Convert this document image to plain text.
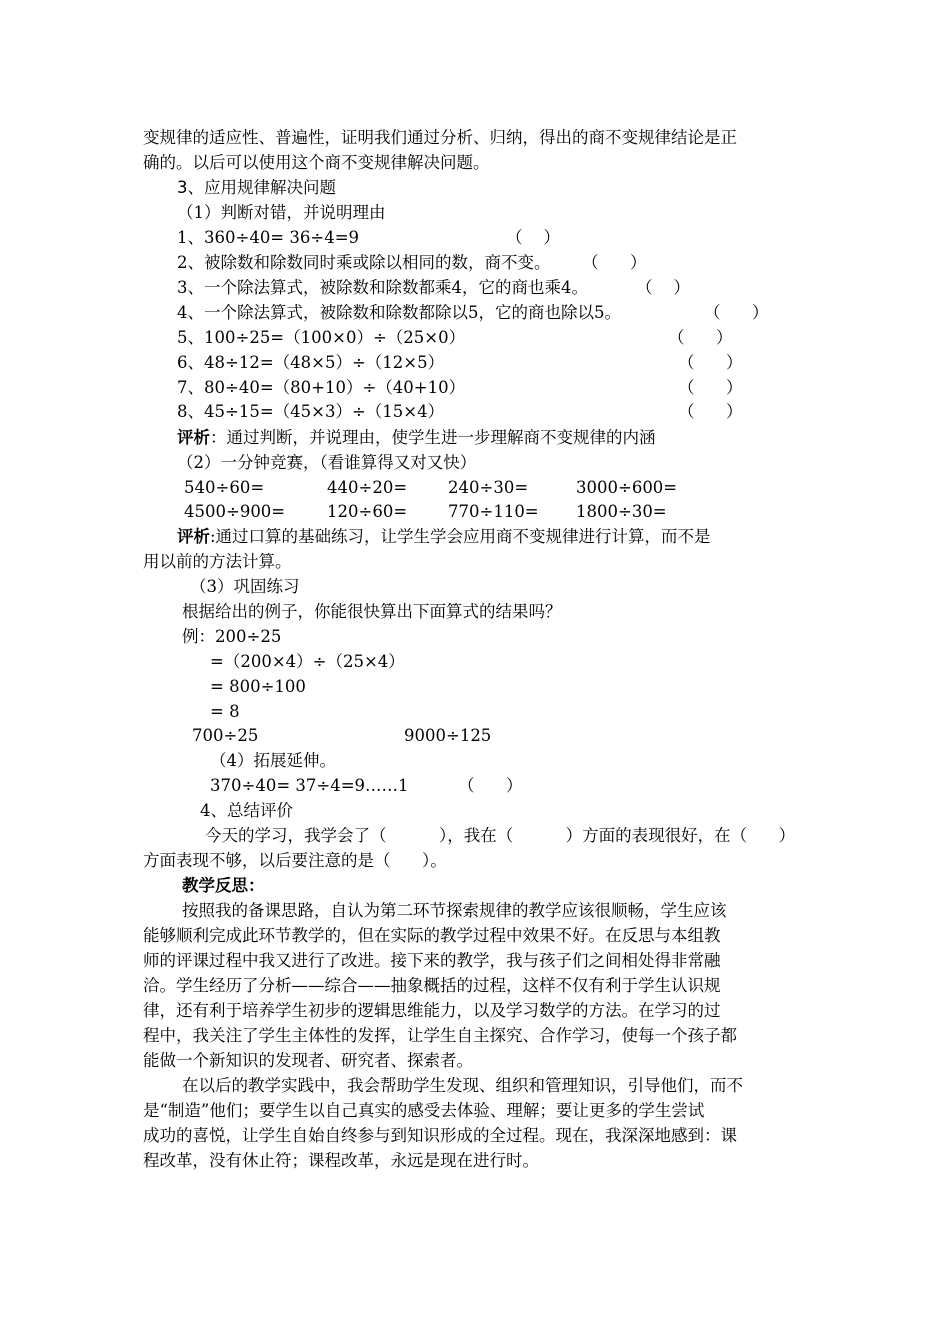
变规律的适应性、普遍性，证明我们通过分析、归纳，得出的商不变规律结论是正
确的。以后可以使用这个商不变规律解决问题。
3、应用规律解决问题
（1）判断对错，并说明理由
1、360÷40= 36÷4=9	（    ）
2、被除数和除数同时乘或除以相同的数，商不变。 （      ）
3、一个除法算式，被除数和除数都乘4，它的商也乘4。	（    ）
4、一个除法算式，被除数和除数都除以5，它的商也除以5。	（      ）
5、100÷25=（100×0）÷（25×0）	（      ）
6、48÷12=（48×5）÷（12×5）	（      ）
7、80÷40=（80+10）÷（40+10）	（      ）
8、45÷15=（45×3）÷（15×4）	（      ）
评析：通过判断，并说理由，使学生进一步理解商不变规律的内涵
（2）一分钟竞赛，（看谁算得又对又快）
540÷60=	440÷20= 240÷30=	3000÷600=
4500÷900=	120÷60= 770÷110= 1800÷30=
评析:通过口算的基础练习，让学生学会应用商不变规律进行计算，而不是
用以前的方法计算。
（3）巩固练习
根据给出的例子，你能很快算出下面算式的结果吗？
例：200÷25
=（200×4）÷（25×4）
= 800÷100
= 8
700÷25	9000÷125
（4）拓展延伸。
370÷40= 37÷4=9……1	（      ）
4、总结评价
今天的学习，我学会了（          ），我在（          ）方面的表现很好，在（      ）
方面表现不够，以后要注意的是（      ）。
教学反思：
按照我的备课思路，自认为第二环节探索规律的教学应该很顺畅，学生应该
能够顺利完成此环节教学的，但在实际的教学过程中效果不好。在反思与本组教
师的评课过程中我又进行了改进。接下来的教学，我与孩子们之间相处得非常融
洽。学生经历了分析——综合——抽象概括的过程，这样不仅有利于学生认识规
律，还有利于培养学生初步的逻辑思维能力，以及学习数学的方法。在学习的过
程中，我关注了学生主体性的发挥，让学生自主探究、合作学习，使每一个孩子都
能做一个新知识的发现者、研究者、探索者。
在以后的教学实践中，我会帮助学生发现、组织和管理知识，引导他们，而不
是“制造”他们；要学生以自己真实的感受去体验、理解；要让更多的学生尝试
成功的喜悦，让学生自始自终参与到知识形成的全过程。现在，我深深地感到：课
程改革，没有休止符；课程改革，永远是现在进行时。
